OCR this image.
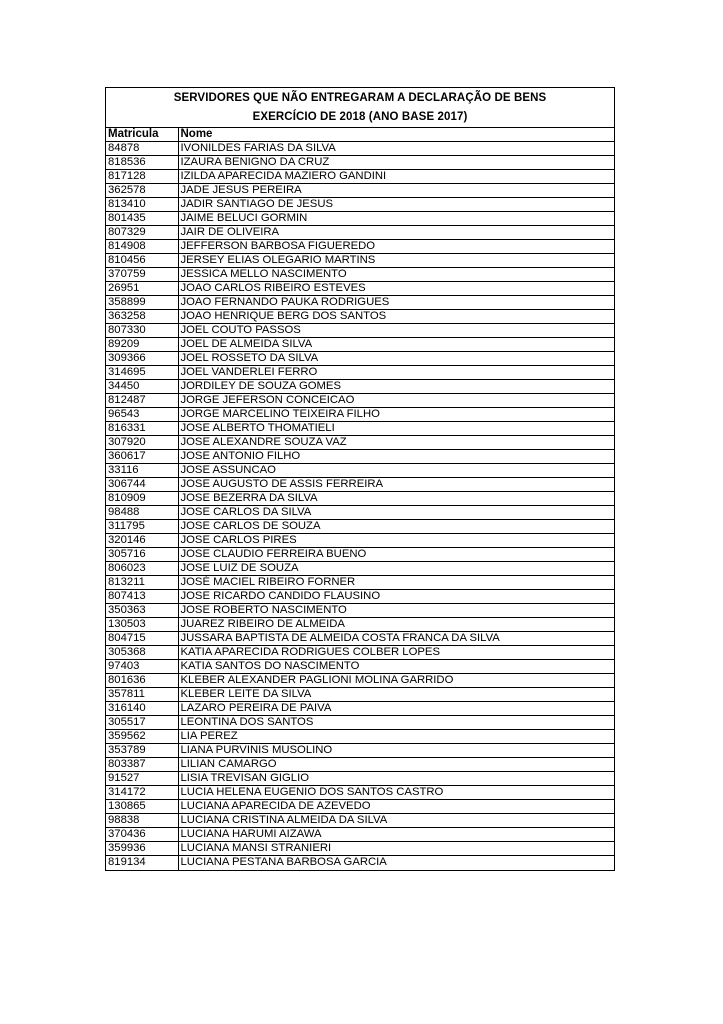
SERVIDORES QUE NÃO ENTREGARAM A DECLARAÇÃO DE BENS
EXERCÍCIO DE 2018 (ANO BASE 2017)
Matricula	Nome
84878	IVONILDES FARIAS DA SILVA
818536	IZAURA BENIGNO DA CRUZ
817128	IZILDA APARECIDA MAZIERO GANDINI
362578	JADE JESUS PEREIRA
813410	JADIR SANTIAGO DE JESUS
801435	JAIME BELUCI GORMIN
807329	JAIR DE OLIVEIRA
814908	JEFFERSON BARBOSA FIGUEREDO
810456	JERSEY ELIAS OLEGARIO MARTINS
370759	JESSICA MELLO NASCIMENTO
26951	JOAO CARLOS RIBEIRO ESTEVES
358899	JOAO FERNANDO PAUKA RODRIGUES
363258	JOAO HENRIQUE BERG DOS SANTOS
807330	JOEL COUTO PASSOS
89209	JOEL DE ALMEIDA SILVA
309366	JOEL ROSSETO DA SILVA
314695	JOEL VANDERLEI FERRO
34450	JORDILEY DE SOUZA GOMES
812487	JORGE JEFERSON CONCEICAO
96543	JORGE MARCELINO TEIXEIRA FILHO
816331	JOSE ALBERTO THOMATIELI
307920	JOSE ALEXANDRE SOUZA VAZ
360617	JOSE ANTONIO FILHO
33116	JOSE ASSUNCAO
306744	JOSE AUGUSTO DE ASSIS FERREIRA
810909	JOSE BEZERRA DA SILVA
98488	JOSE CARLOS DA SILVA
311795	JOSE CARLOS DE SOUZA
320146	JOSE CARLOS PIRES
305716	JOSE CLAUDIO FERREIRA BUENO
806023	JOSE LUIZ DE SOUZA
813211	JOSÉ MACIEL RIBEIRO FORNER
807413	JOSE RICARDO CANDIDO FLAUSINO
350363	JOSE ROBERTO NASCIMENTO
130503	JUAREZ RIBEIRO DE ALMEIDA
804715	JUSSARA BAPTISTA DE ALMEIDA COSTA FRANCA DA SILVA
305368	KATIA APARECIDA RODRIGUES COLBER LOPES
97403	KATIA SANTOS DO NASCIMENTO
801636	KLEBER ALEXANDER PAGLIONI MOLINA GARRIDO
357811	KLEBER LEITE DA SILVA
316140	LAZARO PEREIRA DE PAIVA
305517	LEONTINA DOS SANTOS
359562	LIA PEREZ
353789	LIANA PURVINIS MUSOLINO
803387	LILIAN CAMARGO
91527	LISIA TREVISAN GIGLIO
314172	LUCIA HELENA EUGENIO DOS SANTOS CASTRO
130865	LUCIANA APARECIDA DE AZEVEDO
98838	LUCIANA CRISTINA ALMEIDA DA SILVA
370436	LUCIANA HARUMI AIZAWA
359936	LUCIANA MANSI STRANIERI
819134	LUCIANA PESTANA BARBOSA GARCIA
